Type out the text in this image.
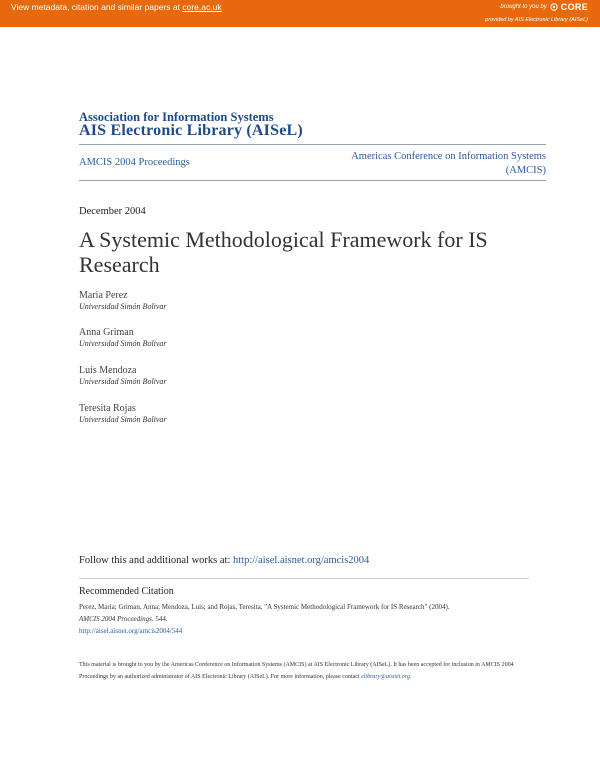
View metadata, citation and similar papers at core.ac.uk	brought to you by CORE
provided by AIS Electronic Library (AISeL)
Association for Information Systems
AIS Electronic Library (AISeL)
AMCIS 2004 Proceedings
Americas Conference on Information Systems
(AMCIS)
December 2004
A Systemic Methodological Framework for IS Research
Maria Perez
Universidad Simón Bolivar
Anna Griman
Universidad Simón Bolivar
Luis Mendoza
Universidad Simón Bolivar
Teresita Rojas
Universidad Simón Bolivar
Follow this and additional works at: http://aisel.aisnet.org/amcis2004
Recommended Citation
Perez, Maria; Griman, Anna; Mendoza, Luis; and Rojas, Teresita, "A Systemic Methodological Framework for IS Research" (2004).
AMCIS 2004 Proceedings. 544.
http://aisel.aisnet.org/amcis2004/544
This material is brought to you by the Americas Conference on Information Systems (AMCIS) at AIS Electronic Library (AISeL). It has been accepted for inclusion in AMCIS 2004 Proceedings by an authorized administrator of AIS Electronic Library (AISeL). For more information, please contact elibrary@aisnet.org.
